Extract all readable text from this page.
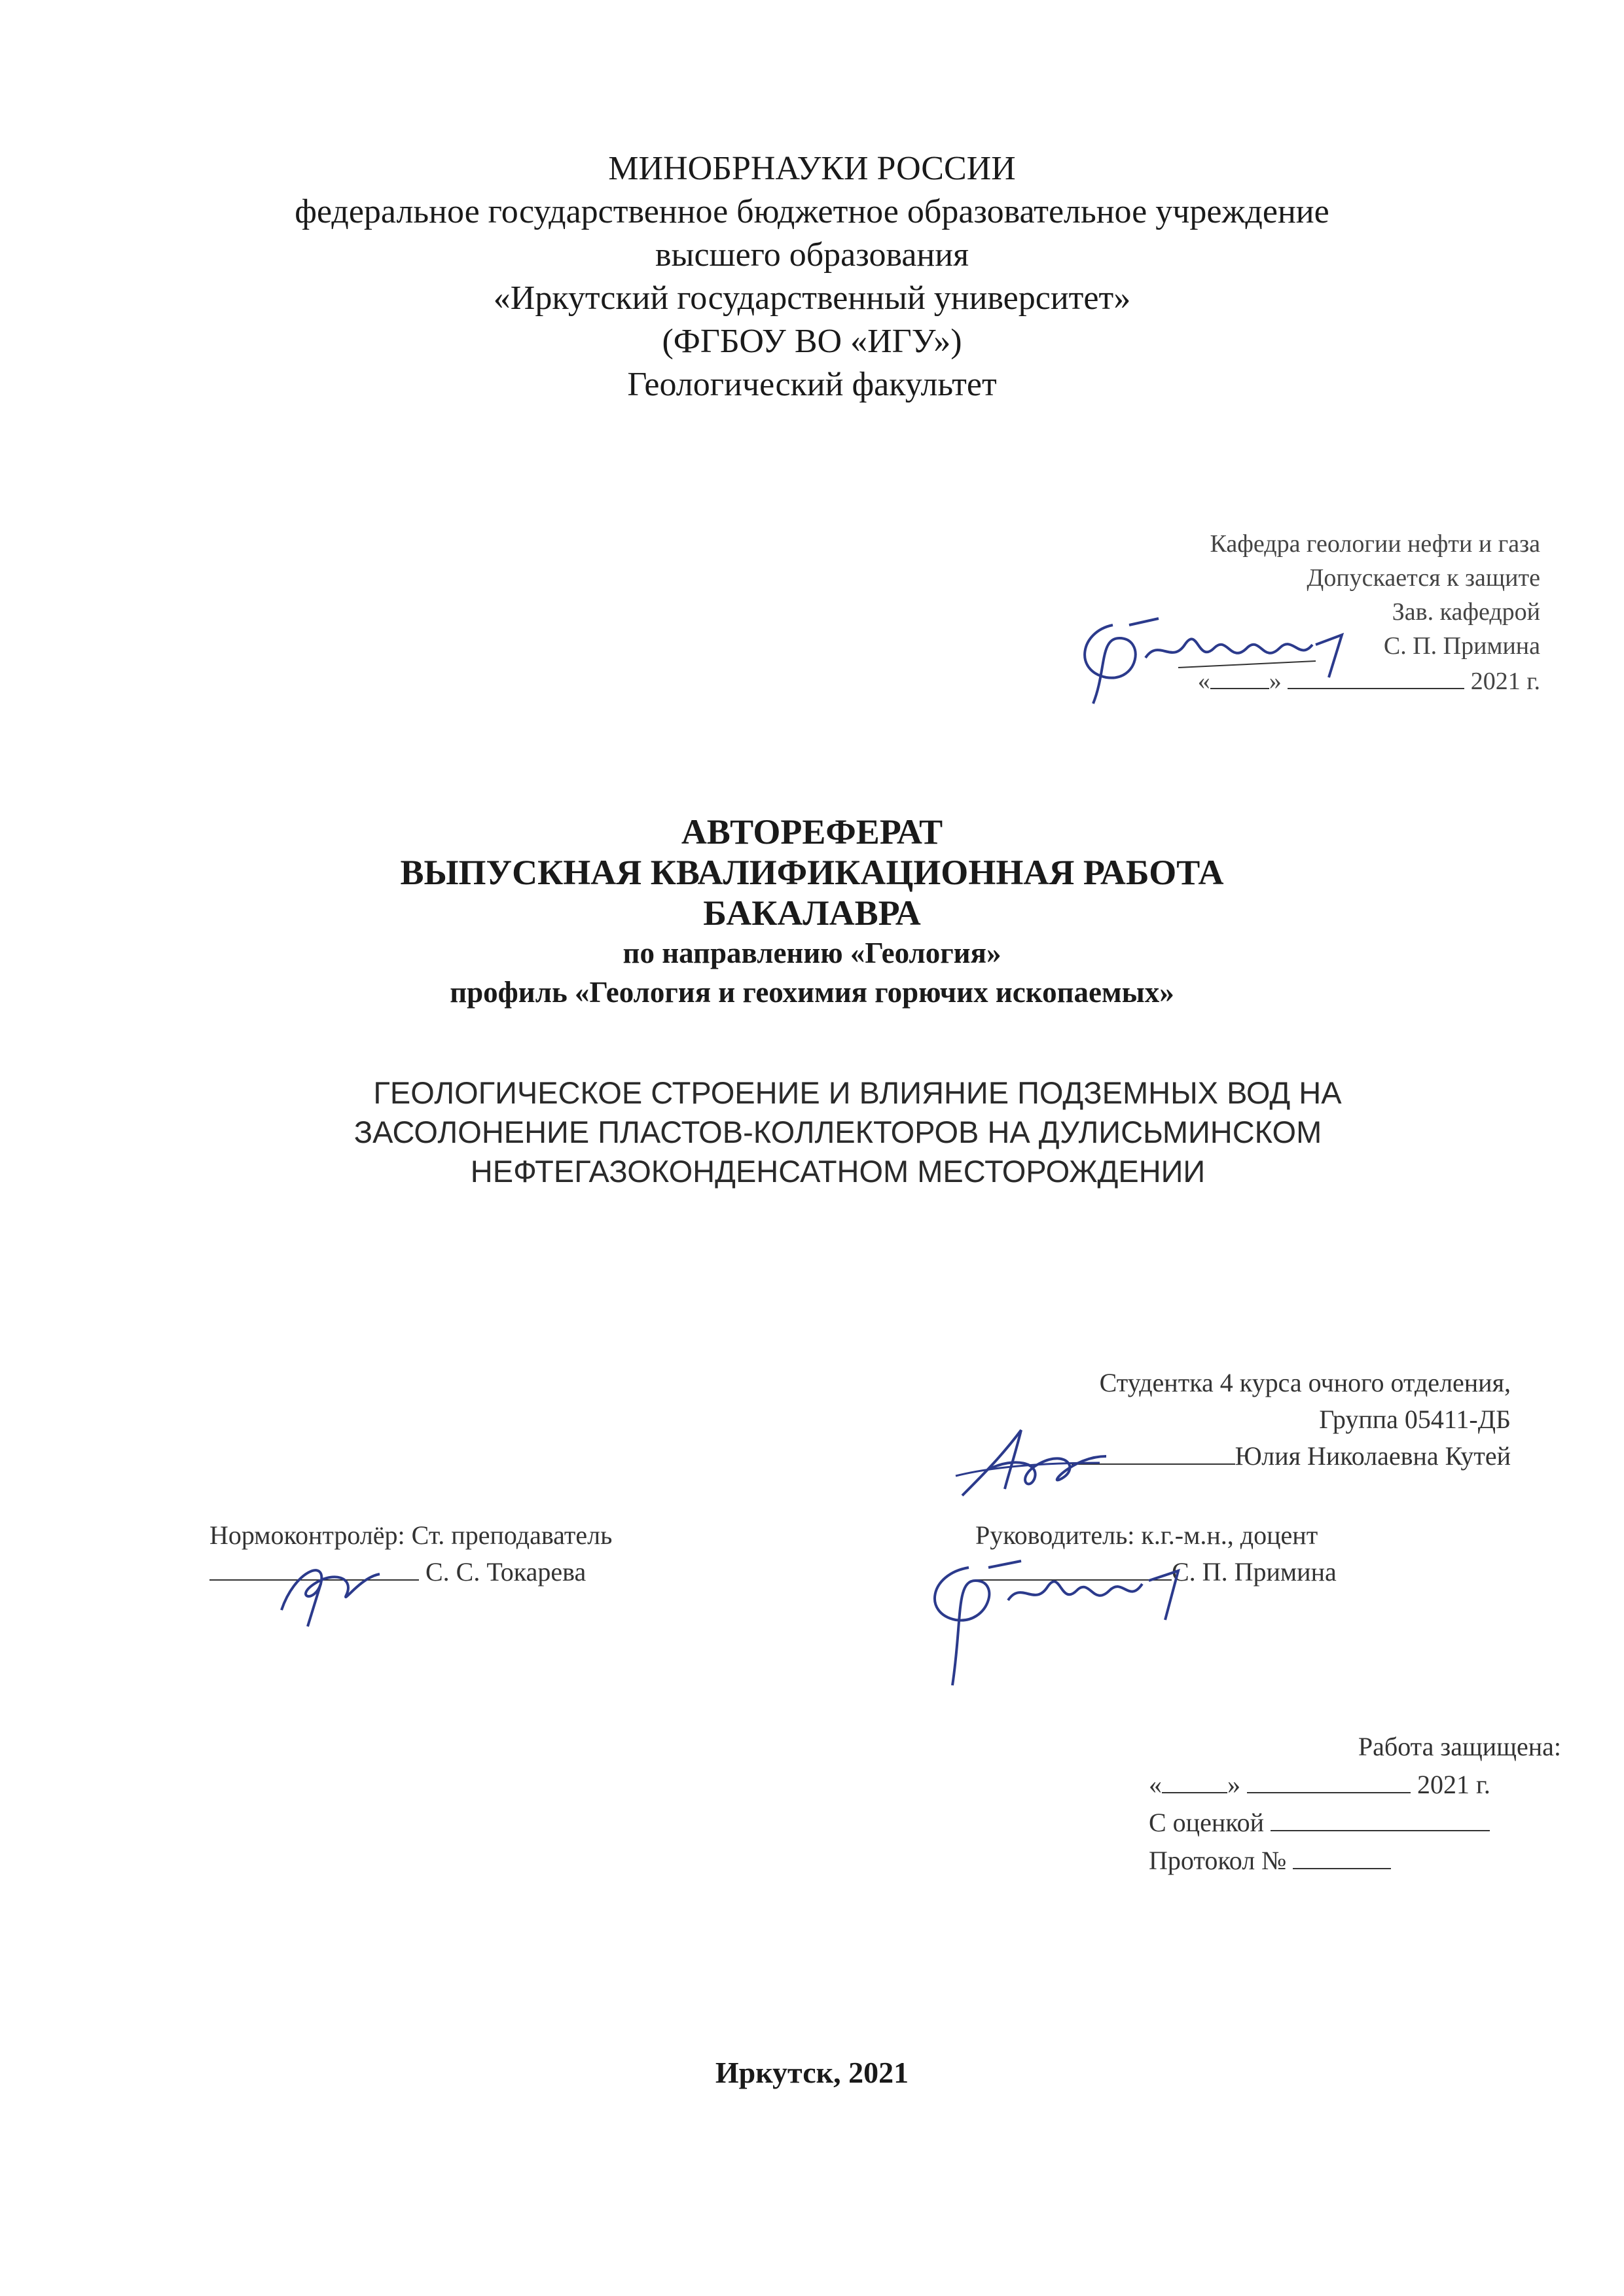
МИНОБРНАУКИ РОССИИ
федеральное государственное бюджетное образовательное учреждение
высшего образования
«Иркутский государственный университет»
(ФГБОУ ВО «ИГУ»)
Геологический факультет
Кафедра геологии нефти и газа
Допускается к защите
Зав. кафедрой
С. П. Примина
« »	2021 г.
АВТОРЕФЕРАТ
ВЫПУСКНАЯ КВАЛИФИКАЦИОННАЯ РАБОТА
БАКАЛАВРА
по направлению «Геология»
профиль «Геология и геохимия горючих ископаемых»
ГЕОЛОГИЧЕСКОЕ СТРОЕНИЕ И ВЛИЯНИЕ ПОДЗЕМНЫХ ВОД НА
ЗАСОЛОНЕНИЕ ПЛАСТОВ-КОЛЛЕКТОРОВ НА ДУЛИСЬМИНСКОМ
НЕФТЕГАЗОКОНДЕНСАТНОМ МЕСТОРОЖДЕНИИ
Студентка 4 курса очного отделения,
Группа 05411-ДБ
Юлия Николаевна Кутей
Нормоконтролёр: Ст. преподаватель
С. С. Токарева
Руководитель: к.г.-м.н., доцент
С. П. Примина
Работа защищена:
«	»	2021 г.
С оценкой
Протокол №
Иркутск, 2021
